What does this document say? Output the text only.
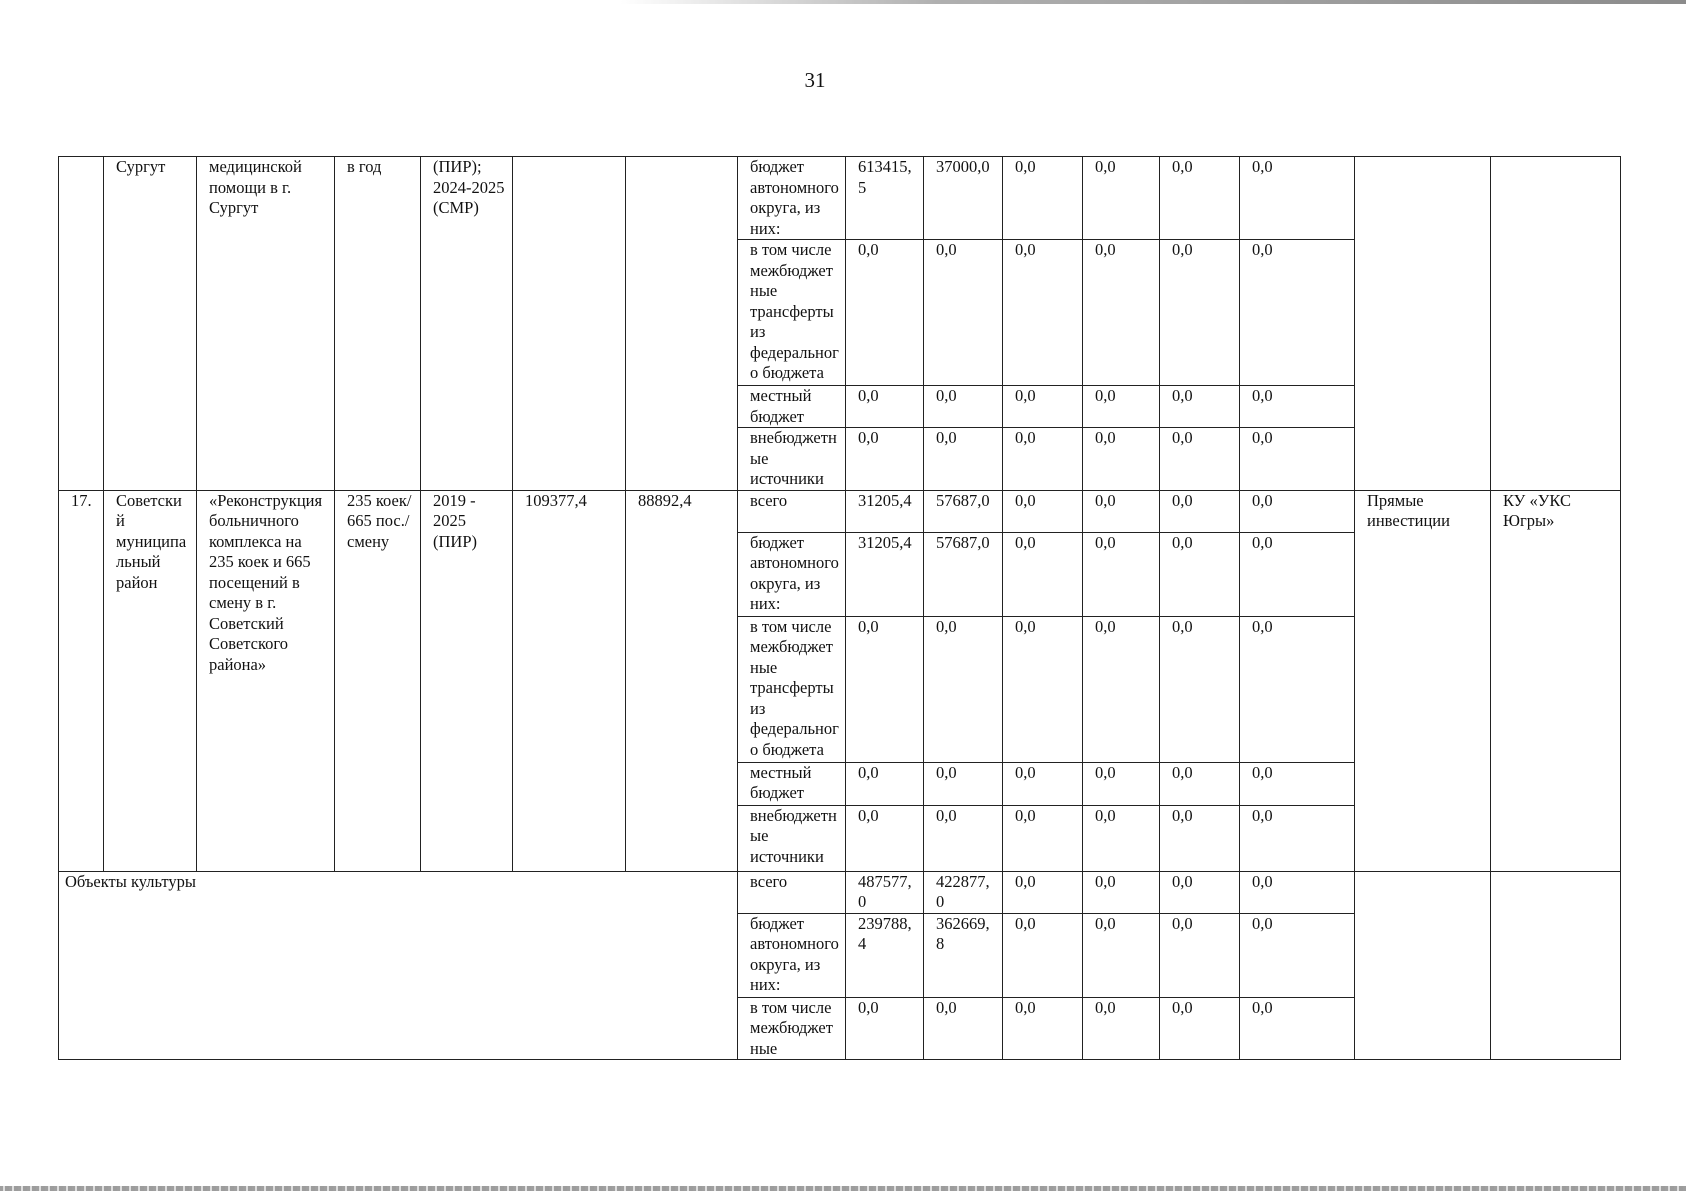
31
	Сургут	медицинской помощи в г. Сургут	в год	(ПИР); 2024-2025 (СМР)			бюджет автономного округа, из них:	613415,5	37000,0	0,0	0,0	0,0	0,0		
							в том числе межбюджетные трансферты из федерального бюджета	0,0	0,0	0,0	0,0	0,0	0,0		
							местный бюджет	0,0	0,0	0,0	0,0	0,0	0,0		
							внебюджетные источники	0,0	0,0	0,0	0,0	0,0	0,0		
17.	Советский муниципальный район	«Реконструкция больничного комплекса на 235 коек и 665 посещений в смену в г. Советский Советского района»	235 коек/ 665 пос./смену	2019 - 2025 (ПИР)	109377,4	88892,4	всего	31205,4	57687,0	0,0	0,0	0,0	0,0	Прямые инвестиции	КУ «УКС Югры»
							бюджет автономного округа, из них:	31205,4	57687,0	0,0	0,0	0,0	0,0		
							в том числе межбюджетные трансферты из федерального бюджета	0,0	0,0	0,0	0,0	0,0	0,0		
							местный бюджет	0,0	0,0	0,0	0,0	0,0	0,0		
							внебюджетные источники	0,0	0,0	0,0	0,0	0,0	0,0		
Объекты культуры							всего	487577,0	422877,0	0,0	0,0	0,0	0,0		
							бюджет автономного округа, из них:	239788,4	362669,8	0,0	0,0	0,0	0,0		
							в том числе межбюджетные	0,0	0,0	0,0	0,0	0,0	0,0		
